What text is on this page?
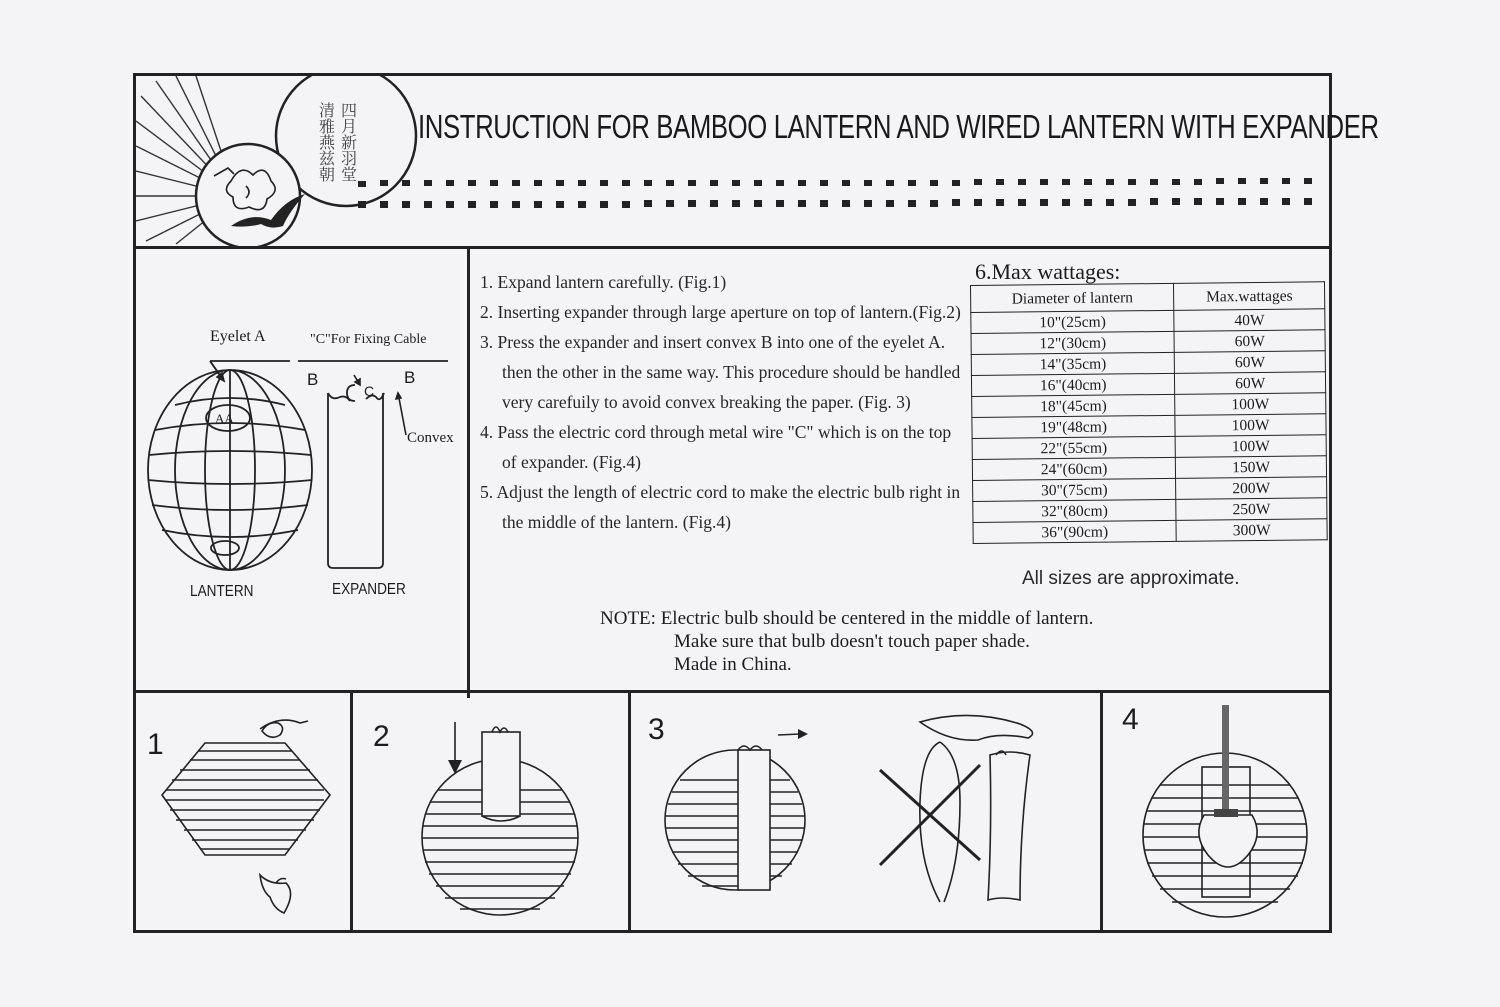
四月新羽堂
清雅燕兹朝	INSTRUCTION FOR BAMBOO LANTERN AND WIRED LANTERN WITH EXPANDER
Eyelet A	"C"For Fixing Cable
B	B
Convex
AA
C
LANTERN	EXPANDER
1. Expand lantern carefully. (Fig.1)
2. Inserting expander through large aperture on top of lantern.(Fig.2)
3. Press the expander and insert convex B into one of the eyelet A. then the other in the same way. This procedure should be handled very carefuily to avoid convex breaking the paper. (Fig. 3)
4. Pass the electric cord through metal wire "C" which is on the top of expander. (Fig.4)
5. Adjust the length of electric cord to make the electric bulb right in the middle of the lantern. (Fig.4)
6.Max wattages:
Diameter of lantern	Max.wattages
10"(25cm)	40W
12"(30cm)	60W
14"(35cm)	60W
16"(40cm)	60W
18"(45cm)	100W
19"(48cm)	100W
22"(55cm)	100W
24"(60cm)	150W
30"(75cm)	200W
32"(80cm)	250W
36"(90cm)	300W
All sizes are approximate.
NOTE: Electric bulb should be centered in the middle of lantern.
Make sure that bulb doesn't touch paper shade.
Made in China.
1	2	3	4
